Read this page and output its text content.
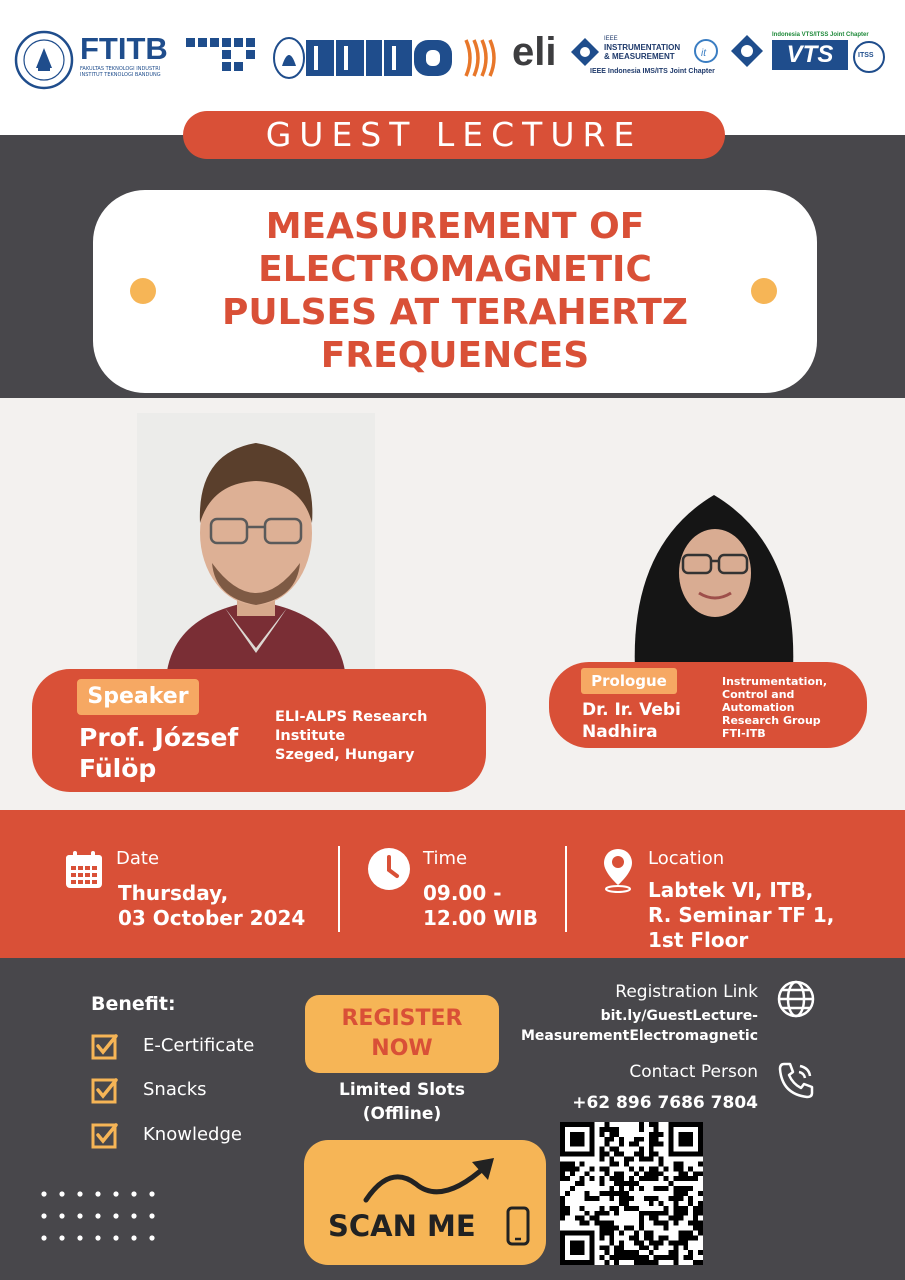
FTITB
FAKULTAS TEKNOLOGI INDUSTRI
INSTITUT TEKNOLOGI BANDUNG
eli	IEEE
INSTRUMENTATION
& MEASUREMENT
IEEE Indonesia IMS/ITS Joint Chapter
it
Indonesia VTS/ITSS Joint Chapter
VTS	ITSS
GUEST LECTURE
MEASUREMENT OF
ELECTROMAGNETIC
PULSES AT TERAHERTZ
FREQUENCES
Speaker
Prof. József
Fülöp
ELI-ALPS Research
Institute
Szeged, Hungary
Prologue
Dr. Ir. Vebi
Nadhira
Instrumentation,
Control and
Automation
Research Group
FTI-ITB
Date
Thursday,
03 October 2024
Time
09.00 -
12.00 WIB
Location
Labtek VI, ITB,
R. Seminar TF 1,
1st Floor
Benefit:
E-Certificate
Snacks
Knowledge
REGISTER
NOW
Limited Slots
(Offline)
SCAN ME
Registration Link
bit.ly/GuestLecture-
MeasurementElectromagnetic
Contact Person
+62 896 7686 7804
